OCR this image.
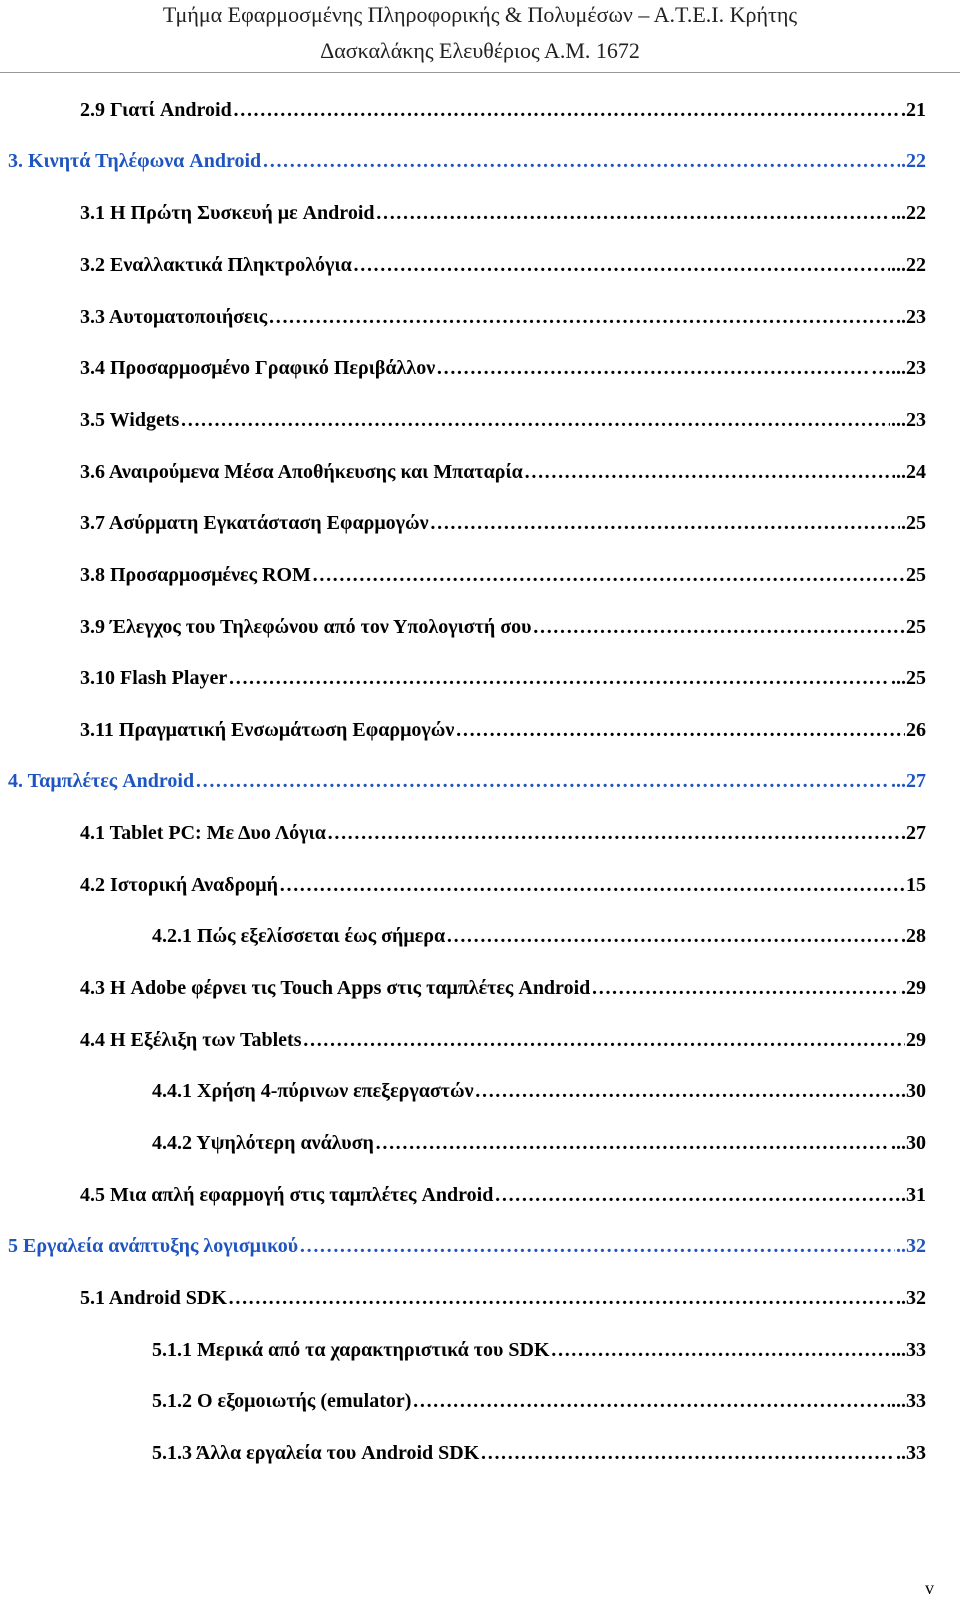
Τμήμα Εφαρμοσμένης Πληροφορικής & Πολυμέσων – Α.Τ.Ε.Ι. Κρήτης
Δασκαλάκης Ελευθέριος Α.Μ. 1672
2.9 Γιατί Android ……………………………………………………………………………………………………………………………………………………………………………………………………………………	.21
3. Κινητά Τηλέφωνα Android ……………………………………………………………………………………………………………………………………………………………………………………………………………………	.22
3.1 Η Πρώτη Συσκευή με Android ……………………………………………………………………………………………………………………………………………………………………………………………………………………	...22
3.2 Εναλλακτικά Πληκτρολόγια ……………………………………………………………………………………………………………………………………………………………………………………………………………………	...22
3.3 Αυτοματοποιήσεις ……………………………………………………………………………………………………………………………………………………………………………………………………………………	..23
3.4 Προσαρμοσμένο Γραφικό Περιβάλλον ……………………………………………………………………………………………………………………………………………………………………………………………………………………	…...23
3.5 Widgets ……………………………………………………………………………………………………………………………………………………………………………………………………………………	...23
3.6 Αναιρούμενα Μέσα Αποθήκευσης και Μπαταρία ……………………………………………………………………………………………………………………………………………………………………………………………………………………	..24
3.7 Ασύρματη Εγκατάσταση Εφαρμογών ……………………………………………………………………………………………………………………………………………………………………………………………………………………	.25
3.8 Προσαρμοσμένες ROM ……………………………………………………………………………………………………………………………………………………………………………………………………………………	25
3.9 Έλεγχος του Τηλεφώνου από τον Υπολογιστή σου ……………………………………………………………………………………………………………………………………………………………………………………………………………………	25
3.10 Flash Player ……………………………………………………………………………………………………………………………………………………………………………………………………………………	...25
3.11 Πραγματική Ενσωμάτωση Εφαρμογών ……………………………………………………………………………………………………………………………………………………………………………………………………………………	26
4. Ταμπλέτες Android ……………………………………………………………………………………………………………………………………………………………………………………………………………………	...27
4.1 Tablet PC: Με Δυο Λόγια ……………………………………………………………………………………………………………………………………………………………………………………………………………………	.27
4.2 Ιστορική Αναδρομή ……………………………………………………………………………………………………………………………………………………………………………………………………………………	15
4.2.1 Πώς εξελίσσεται έως σήμερα ……………………………………………………………………………………………………………………………………………………………………………………………………………………	.28
4.3 Η Adobe φέρνει τις Touch Apps στις ταμπλέτες Android ……………………………………………………………………………………………………………………………………………………………………………………………………………………	.29
4.4 Η Εξέλιξη των Tablets ……………………………………………………………………………………………………………………………………………………………………………………………………………………	29
4.4.1 Χρήση 4-πύρινων επεξεργαστών ……………………………………………………………………………………………………………………………………………………………………………………………………………………	.30
4.4.2 Υψηλότερη ανάλυση ……………………………………………………………………………………………………………………………………………………………………………………………………………………	...30
4.5 Μια απλή εφαρμογή στις ταμπλέτες Android ……………………………………………………………………………………………………………………………………………………………………………………………………………………	.31
5 Εργαλεία ανάπτυξης λογισμικού ……………………………………………………………………………………………………………………………………………………………………………………………………………………	..32
5.1 Android SDK ……………………………………………………………………………………………………………………………………………………………………………………………………………………	..32
5.1.1 Μερικά από τα χαρακτηριστικά του SDK ……………………………………………………………………………………………………………………………………………………………………………………………………………………	...33
5.1.2 O εξομοιωτής (emulator) ……………………………………………………………………………………………………………………………………………………………………………………………………………………	...33
5.1.3 Άλλα εργαλεία του Android SDK ……………………………………………………………………………………………………………………………………………………………………………………………………………………	..33
v
